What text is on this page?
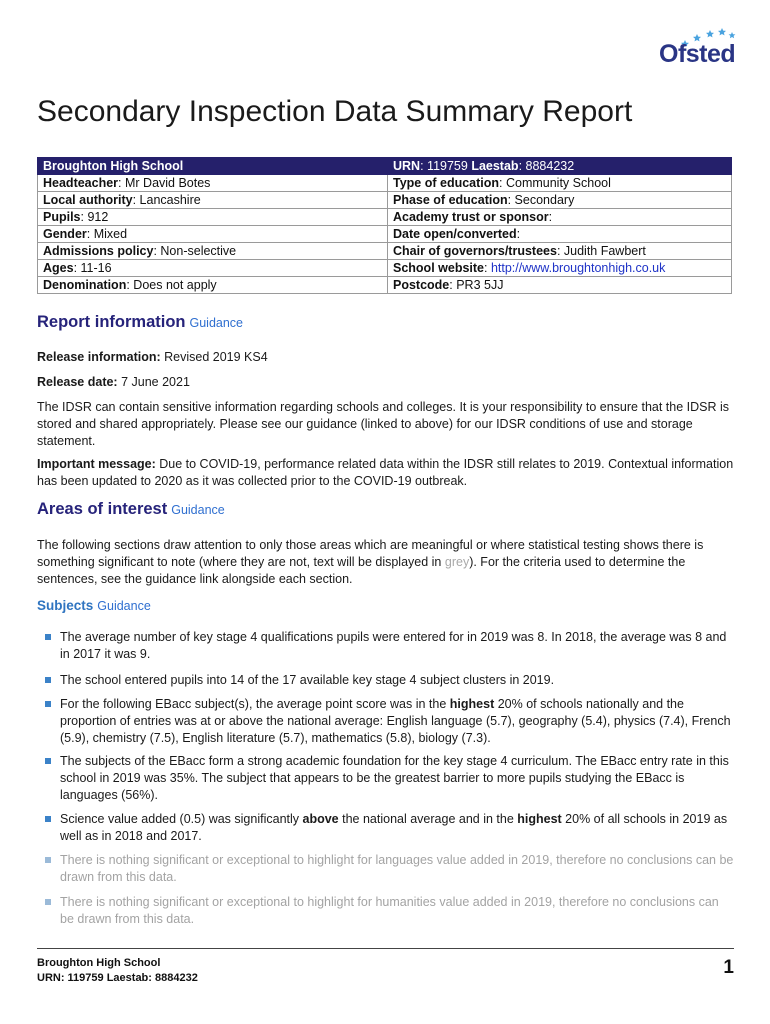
Ofsted
Secondary Inspection Data Summary Report
Broughton High School	URN: 119759 Laestab: 8884232
Headteacher: Mr David Botes	Type of education: Community School
Local authority: Lancashire	Phase of education: Secondary
Pupils: 912	Academy trust or sponsor:
Gender: Mixed	Date open/converted:
Admissions policy: Non-selective	Chair of governors/trustees: Judith Fawbert
Ages: 11-16	School website: http://www.broughtonhigh.co.uk
Denomination: Does not apply	Postcode: PR3 5JJ
Report information Guidance
Release information: Revised 2019 KS4
Release date: 7 June 2021
The IDSR can contain sensitive information regarding schools and colleges. It is your responsibility to ensure that the IDSR is stored and shared appropriately. Please see our guidance (linked to above) for our IDSR conditions of use and storage statement.
Important message: Due to COVID-19, performance related data within the IDSR still relates to 2019. Contextual information has been updated to 2020 as it was collected prior to the COVID-19 outbreak.
Areas of interest Guidance
The following sections draw attention to only those areas which are meaningful or where statistical testing shows there is something significant to note (where they are not, text will be displayed in grey). For the criteria used to determine the sentences, see the guidance link alongside each section.
Subjects Guidance
The average number of key stage 4 qualifications pupils were entered for in 2019 was 8. In 2018, the average was 8 and in 2017 it was 9.
The school entered pupils into 14 of the 17 available key stage 4 subject clusters in 2019.
For the following EBacc subject(s), the average point score was in the highest 20% of schools nationally and the proportion of entries was at or above the national average: English language (5.7), geography (5.4), physics (7.4), French (5.9), chemistry (7.5), English literature (5.7), mathematics (5.8), biology (7.3).
The subjects of the EBacc form a strong academic foundation for the key stage 4 curriculum. The EBacc entry rate in this school in 2019 was 35%. The subject that appears to be the greatest barrier to more pupils studying the EBacc is languages (56%).
Science value added (0.5) was significantly above the national average and in the highest 20% of all schools in 2019 as well as in 2018 and 2017.
There is nothing significant or exceptional to highlight for languages value added in 2019, therefore no conclusions can be drawn from this data.
There is nothing significant or exceptional to highlight for humanities value added in 2019, therefore no conclusions can be drawn from this data.
Broughton High School
URN: 119759 Laestab: 8884232	1
